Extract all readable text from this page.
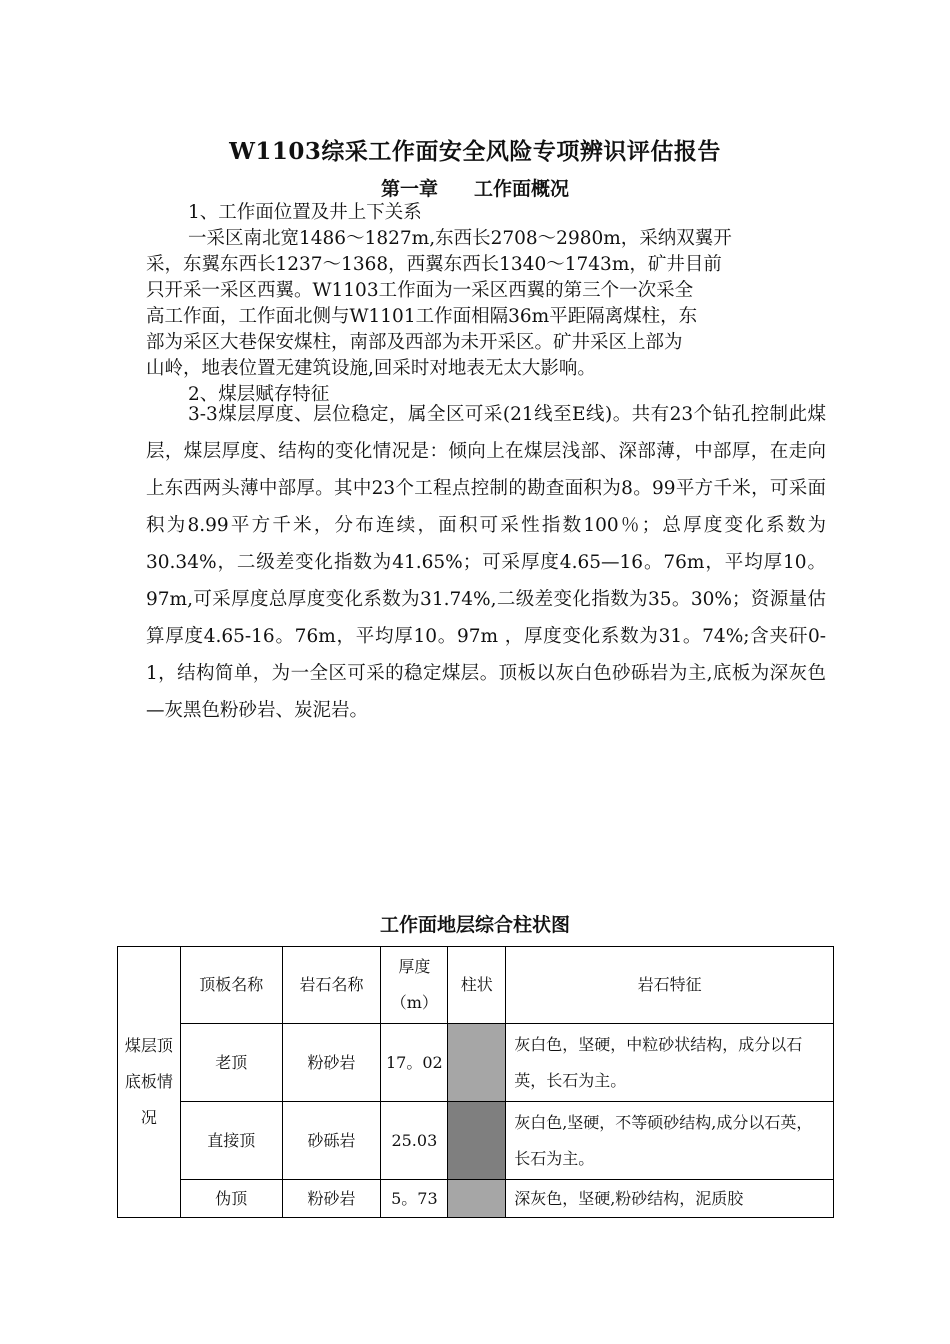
W1103综采工作面安全风险专项辨识评估报告
第一章 工作面概况

1、工作面位置及井上下关系

一采区南北宽1486～1827m,东西长2708～2980m，采纳双翼开

采，东翼东西长1237～1368，西翼东西长1340～1743m，矿井目前

只开采一采区西翼。W1103工作面为一采区西翼的第三个一次采全

高工作面，工作面北侧与W1101工作面相隔36m平距隔离煤柱，东

部为采区大巷保安煤柱，南部及西部为未开采区。矿井采区上部为

山岭，地表位置无建筑设施,回采时对地表无太大影响。

2、煤层赋存特征

3-3煤层厚度、层位稳定，属全区可采(21线至E线)。共有23个钻孔控制此煤层，煤层厚度、结构的变化情况是：倾向上在煤层浅部、深部薄，中部厚，在走向上东西两头薄中部厚。其中23个工程点控制的勘查面积为8。99平方千米，可采面积为8.99平方千米，分布连续，面积可采性指数100％；总厚度变化系数为30.34%，二级差变化指数为41.65%；可采厚度4.65—16。76m，平均厚10。97m,可采厚度总厚度变化系数为31.74%,二级差变化指数为35。30%；资源量估算厚度4.65-16。76m，平均厚10。97m ，厚度变化系数为31。74%;含夹矸0-1，结构简单，为一全区可采的稳定煤层。顶板以灰白色砂砾岩为主,底板为深灰色—灰黑色粉砂岩、炭泥岩。

工作面地层综合柱状图
煤层顶底板情况	顶板名称	岩石名称	厚度（m）	柱状	岩石特征
	老顶	粉砂岩	17。02		灰白色，坚硬，中粒砂状结构，成分以石英，长石为主。
	直接顶	砂砾岩	25.03		灰白色,坚硬，不等硕砂结构,成分以石英，长石为主。
	伪顶	粉砂岩	5。73		深灰色，坚硬,粉砂结构，泥质胶
